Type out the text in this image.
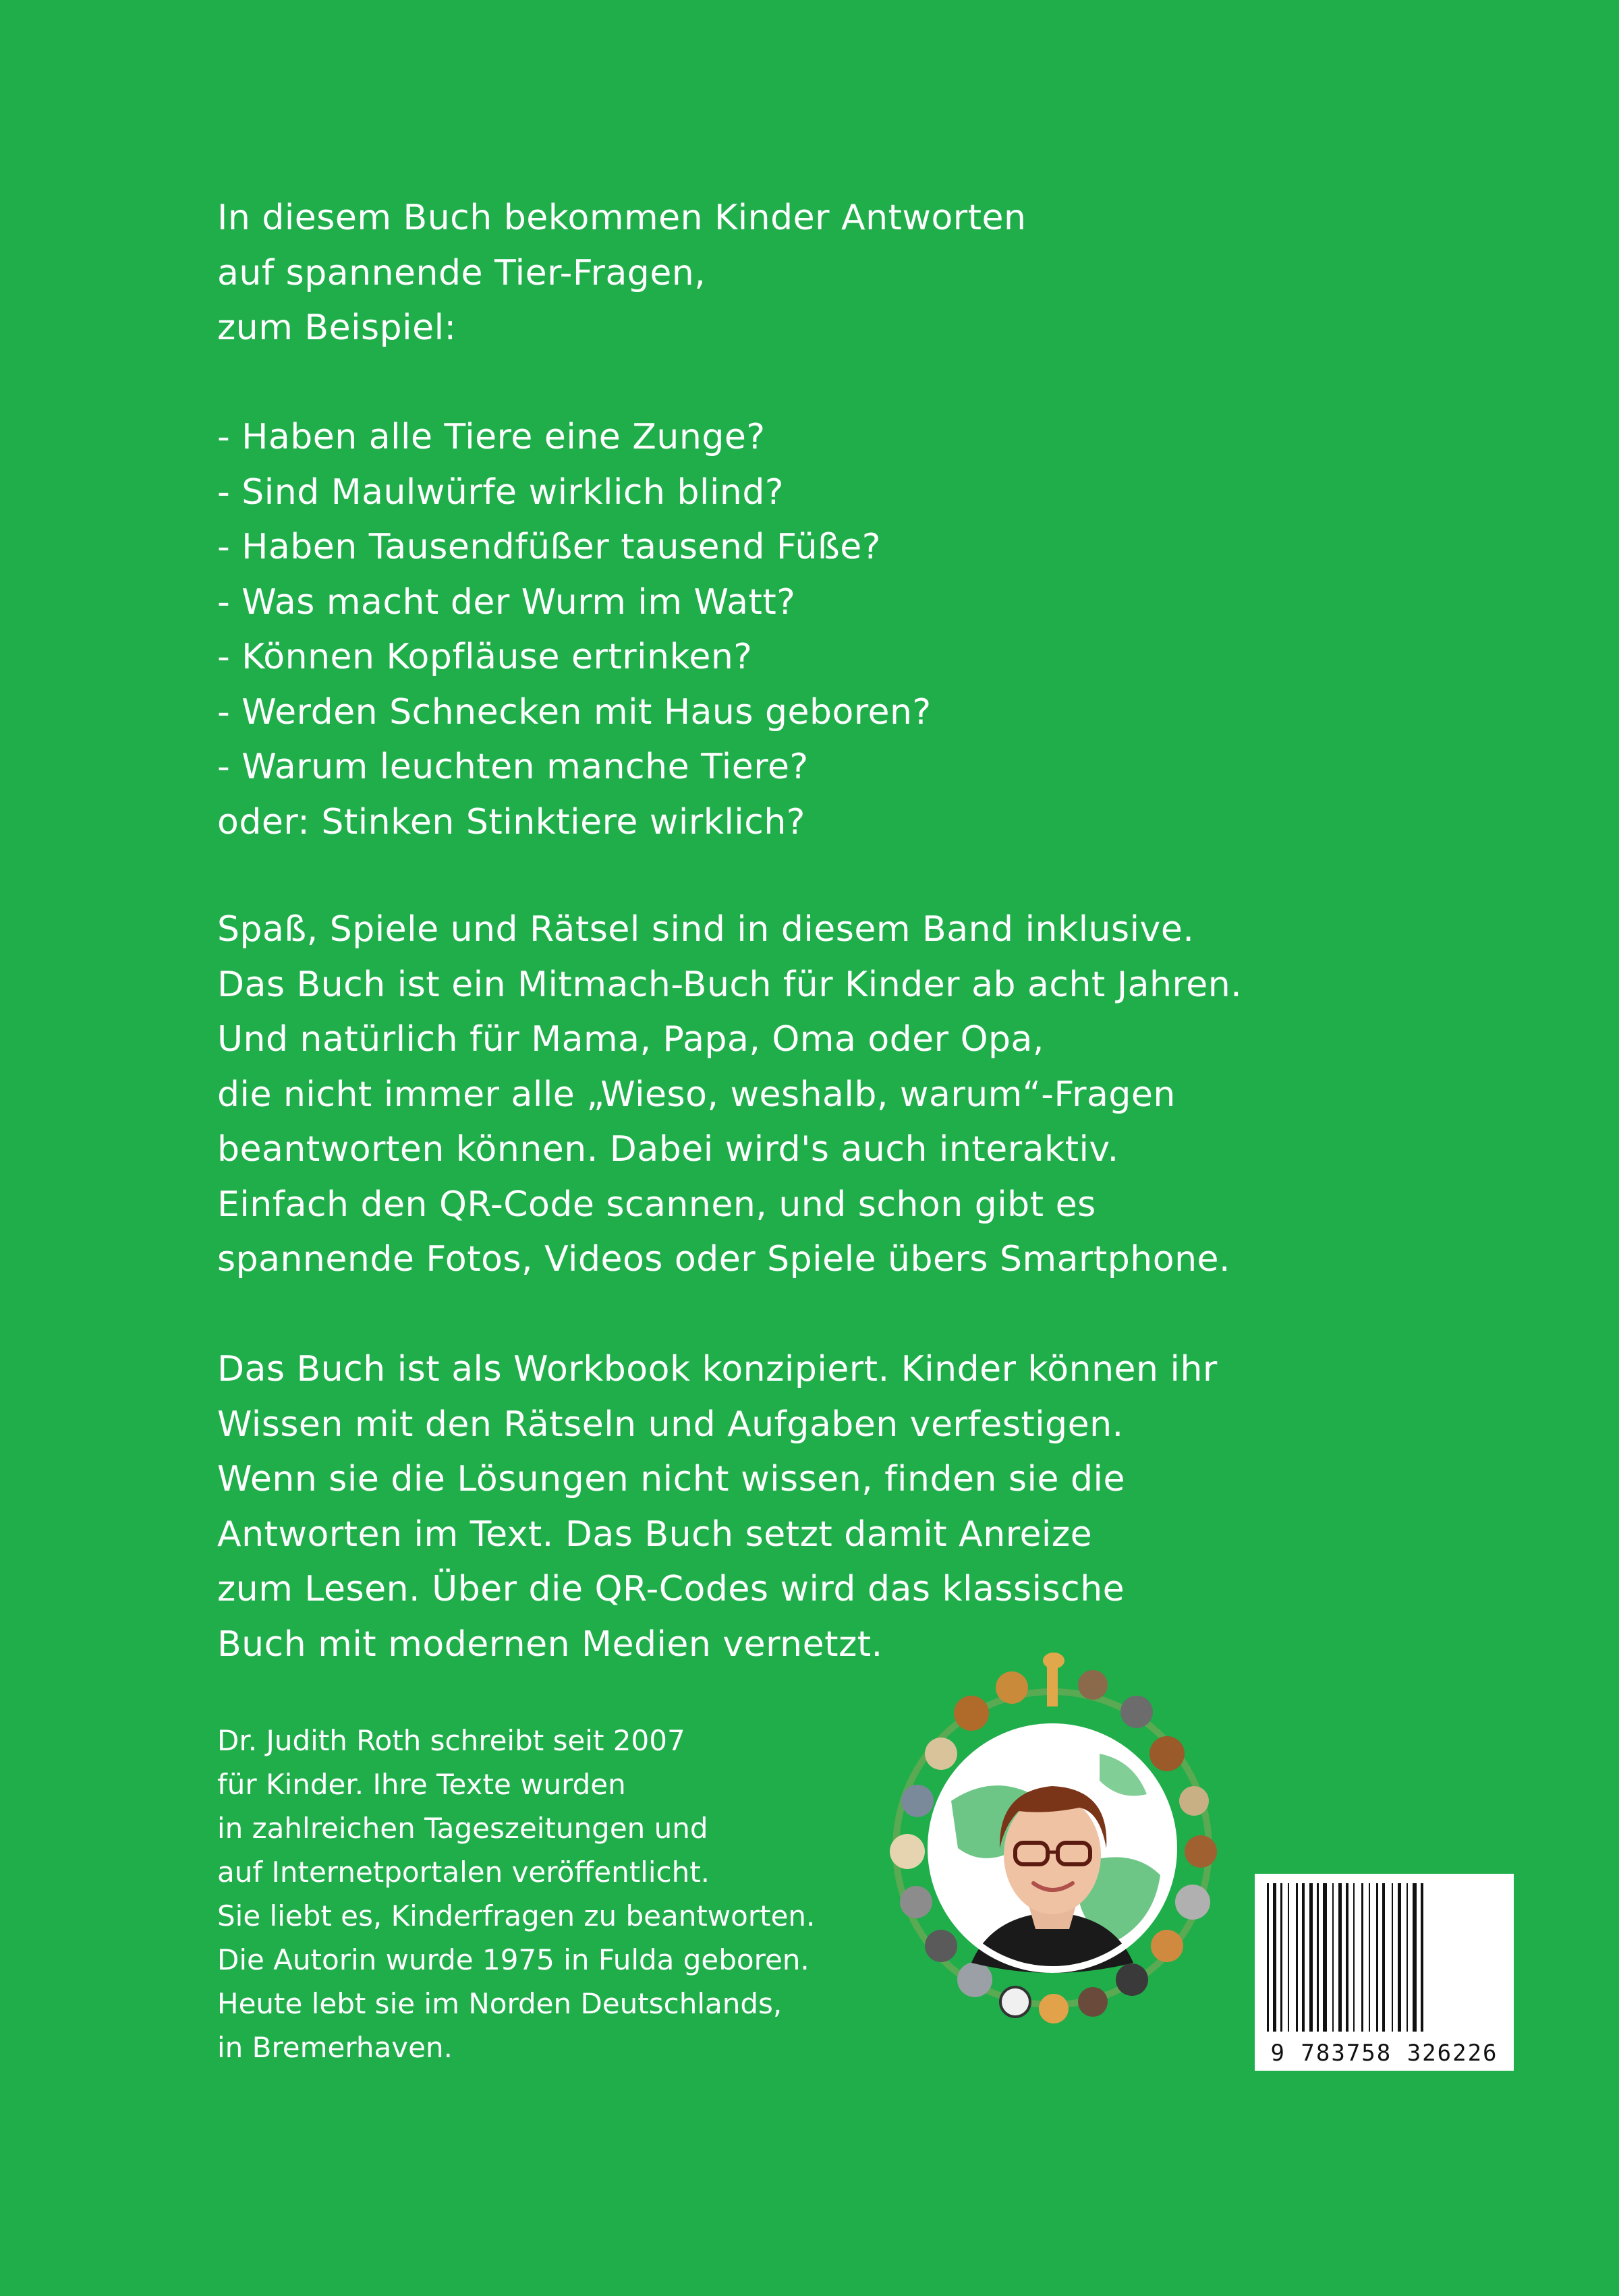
In diesem Buch bekommen Kinder Antworten
auf spannende Tier-Fragen,
zum Beispiel:
- Haben alle Tiere eine Zunge?
- Sind Maulwürfe wirklich blind?
- Haben Tausendfüßer tausend Füße?
- Was macht der Wurm im Watt?
- Können Kopfläuse ertrinken?
- Werden Schnecken mit Haus geboren?
- Warum leuchten manche Tiere?
oder: Stinken Stinktiere wirklich?
Spaß, Spiele und Rätsel sind in diesem Band inklusive.
Das Buch ist ein Mitmach-Buch für Kinder ab acht Jahren.
Und natürlich für Mama, Papa, Oma oder Opa,
die nicht immer alle „Wieso, weshalb, warum“-Fragen
beantworten können. Dabei wird's auch interaktiv.
Einfach den QR-Code scannen, und schon gibt es
spannende Fotos, Videos oder Spiele übers Smartphone.
Das Buch ist als Workbook konzipiert. Kinder können ihr
Wissen mit den Rätseln und Aufgaben verfestigen.
Wenn sie die Lösungen nicht wissen, finden sie die
Antworten im Text. Das Buch setzt damit Anreize
zum Lesen. Über die QR-Codes wird das klassische
Buch mit modernen Medien vernetzt.
Dr. Judith Roth schreibt seit 2007
für Kinder. Ihre Texte wurden
in zahlreichen Tageszeitungen und
auf Internetportalen veröffentlicht.
Sie liebt es, Kinderfragen zu beantworten.
Die Autorin wurde 1975 in Fulda geboren.
Heute lebt sie im Norden Deutschlands,
in Bremerhaven.	9 783758 326226
